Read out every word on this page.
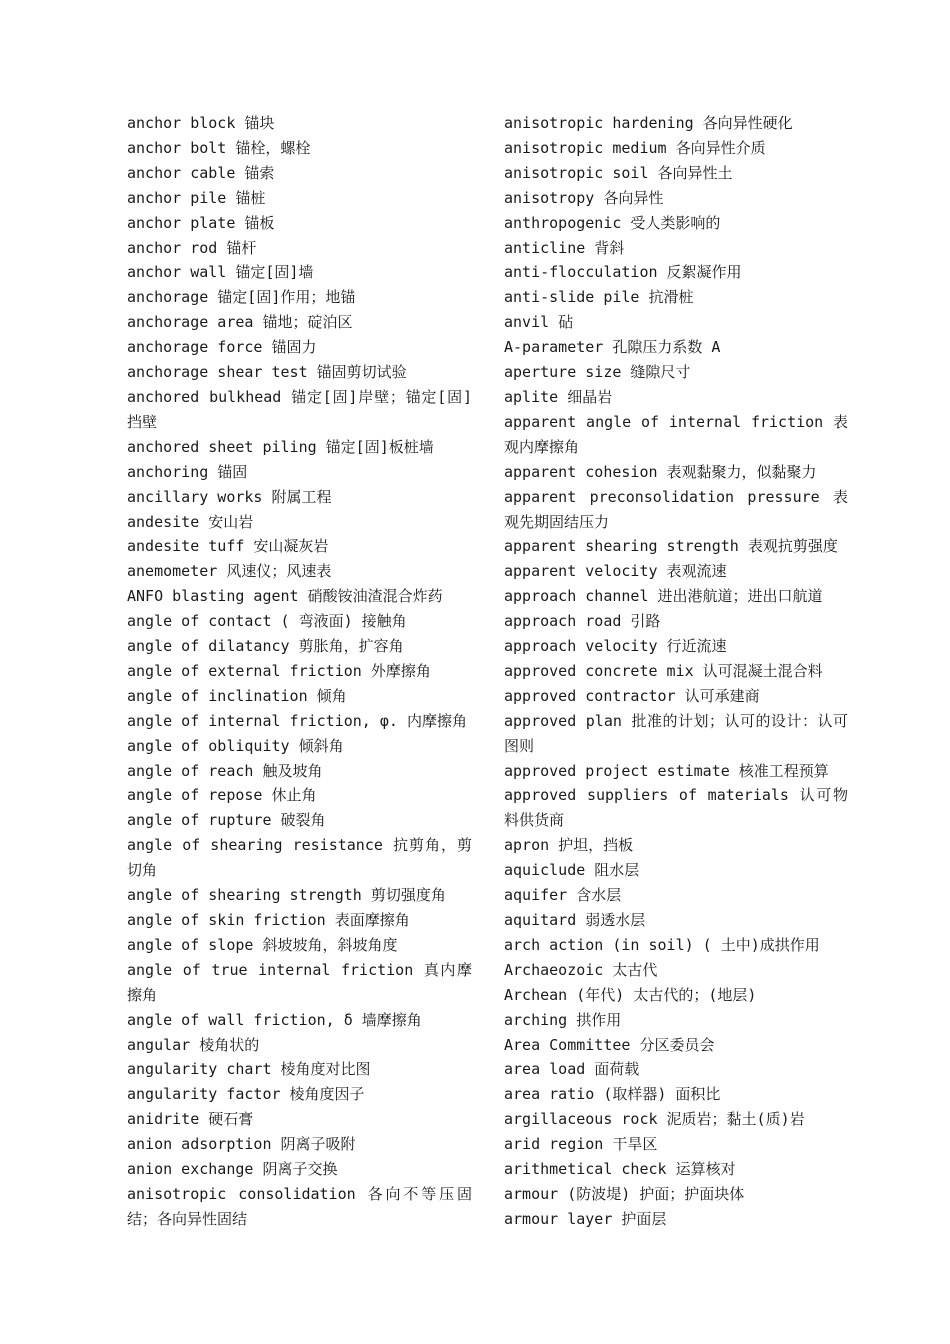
anchor block 锚块
anchor bolt 锚栓，螺栓
anchor cable 锚索
anchor pile 锚桩
anchor plate 锚板
anchor rod 锚杆
anchor wall 锚定[固]墙
anchorage 锚定[固]作用；地锚
anchorage area 锚地；碇泊区
anchorage force 锚固力
anchorage shear test 锚固剪切试验
anchored bulkhead 锚定[固]岸壁；锚定[固]挡壁
anchored sheet piling 锚定[固]板桩墙
anchoring 锚固
ancillary works 附属工程
andesite 安山岩
andesite tuff 安山凝灰岩
anemometer 风速仪；风速表
ANFO blasting agent 硝酸铵油渣混合炸药
angle of contact ( 弯液面) 接触角
angle of dilatancy 剪胀角，扩容角
angle of external friction 外摩擦角
angle of inclination 倾角
angle of internal friction, φ. 内摩擦角
angle of obliquity 倾斜角
angle of reach 触及坡角
angle of repose 休止角
angle of rupture 破裂角
angle of shearing resistance 抗剪角，剪切角
angle of shearing strength 剪切强度角
angle of skin friction 表面摩擦角
angle of slope 斜坡坡角，斜坡角度
angle of true internal friction 真内摩擦角
angle of wall friction, δ 墙摩擦角
angular 棱角状的
angularity chart 棱角度对比图
angularity factor 棱角度因子
anidrite 硬石膏
anion adsorption 阴离子吸附
anion exchange 阴离子交换
anisotropic consolidation 各向不等压固结；各向异性固结
anisotropic hardening 各向异性硬化
anisotropic medium 各向异性介质
anisotropic soil 各向异性土
anisotropy 各向异性
anthropogenic 受人类影响的
anticline 背斜
anti-flocculation 反絮凝作用
anti-slide pile 抗滑桩
anvil 砧
A-parameter 孔隙压力系数 A
aperture size 缝隙尺寸
aplite 细晶岩
apparent angle of internal friction 表观内摩擦角
apparent cohesion 表观黏聚力，似黏聚力
apparent preconsolidation pressure 表观先期固结压力
apparent shearing strength 表观抗剪强度
apparent velocity 表观流速
approach channel 进出港航道；进出口航道
approach road 引路
approach velocity 行近流速
approved concrete mix 认可混凝土混合料
approved contractor 认可承建商
approved plan 批准的计划；认可的设计：认可图则
approved project estimate 核准工程预算
approved suppliers of materials 认可物料供货商
apron 护坦，挡板
aquiclude 阻水层
aquifer 含水层
aquitard 弱透水层
arch action (in soil) ( 土中)成拱作用
Archaeozoic 太古代
Archean (年代) 太古代的；(地层)
arching 拱作用
Area Committee 分区委员会
area load 面荷载
area ratio (取样器) 面积比
argillaceous rock 泥质岩；黏土(质)岩
arid region 干旱区
arithmetical check 运算核对
armour (防波堤) 护面；护面块体
armour layer 护面层
